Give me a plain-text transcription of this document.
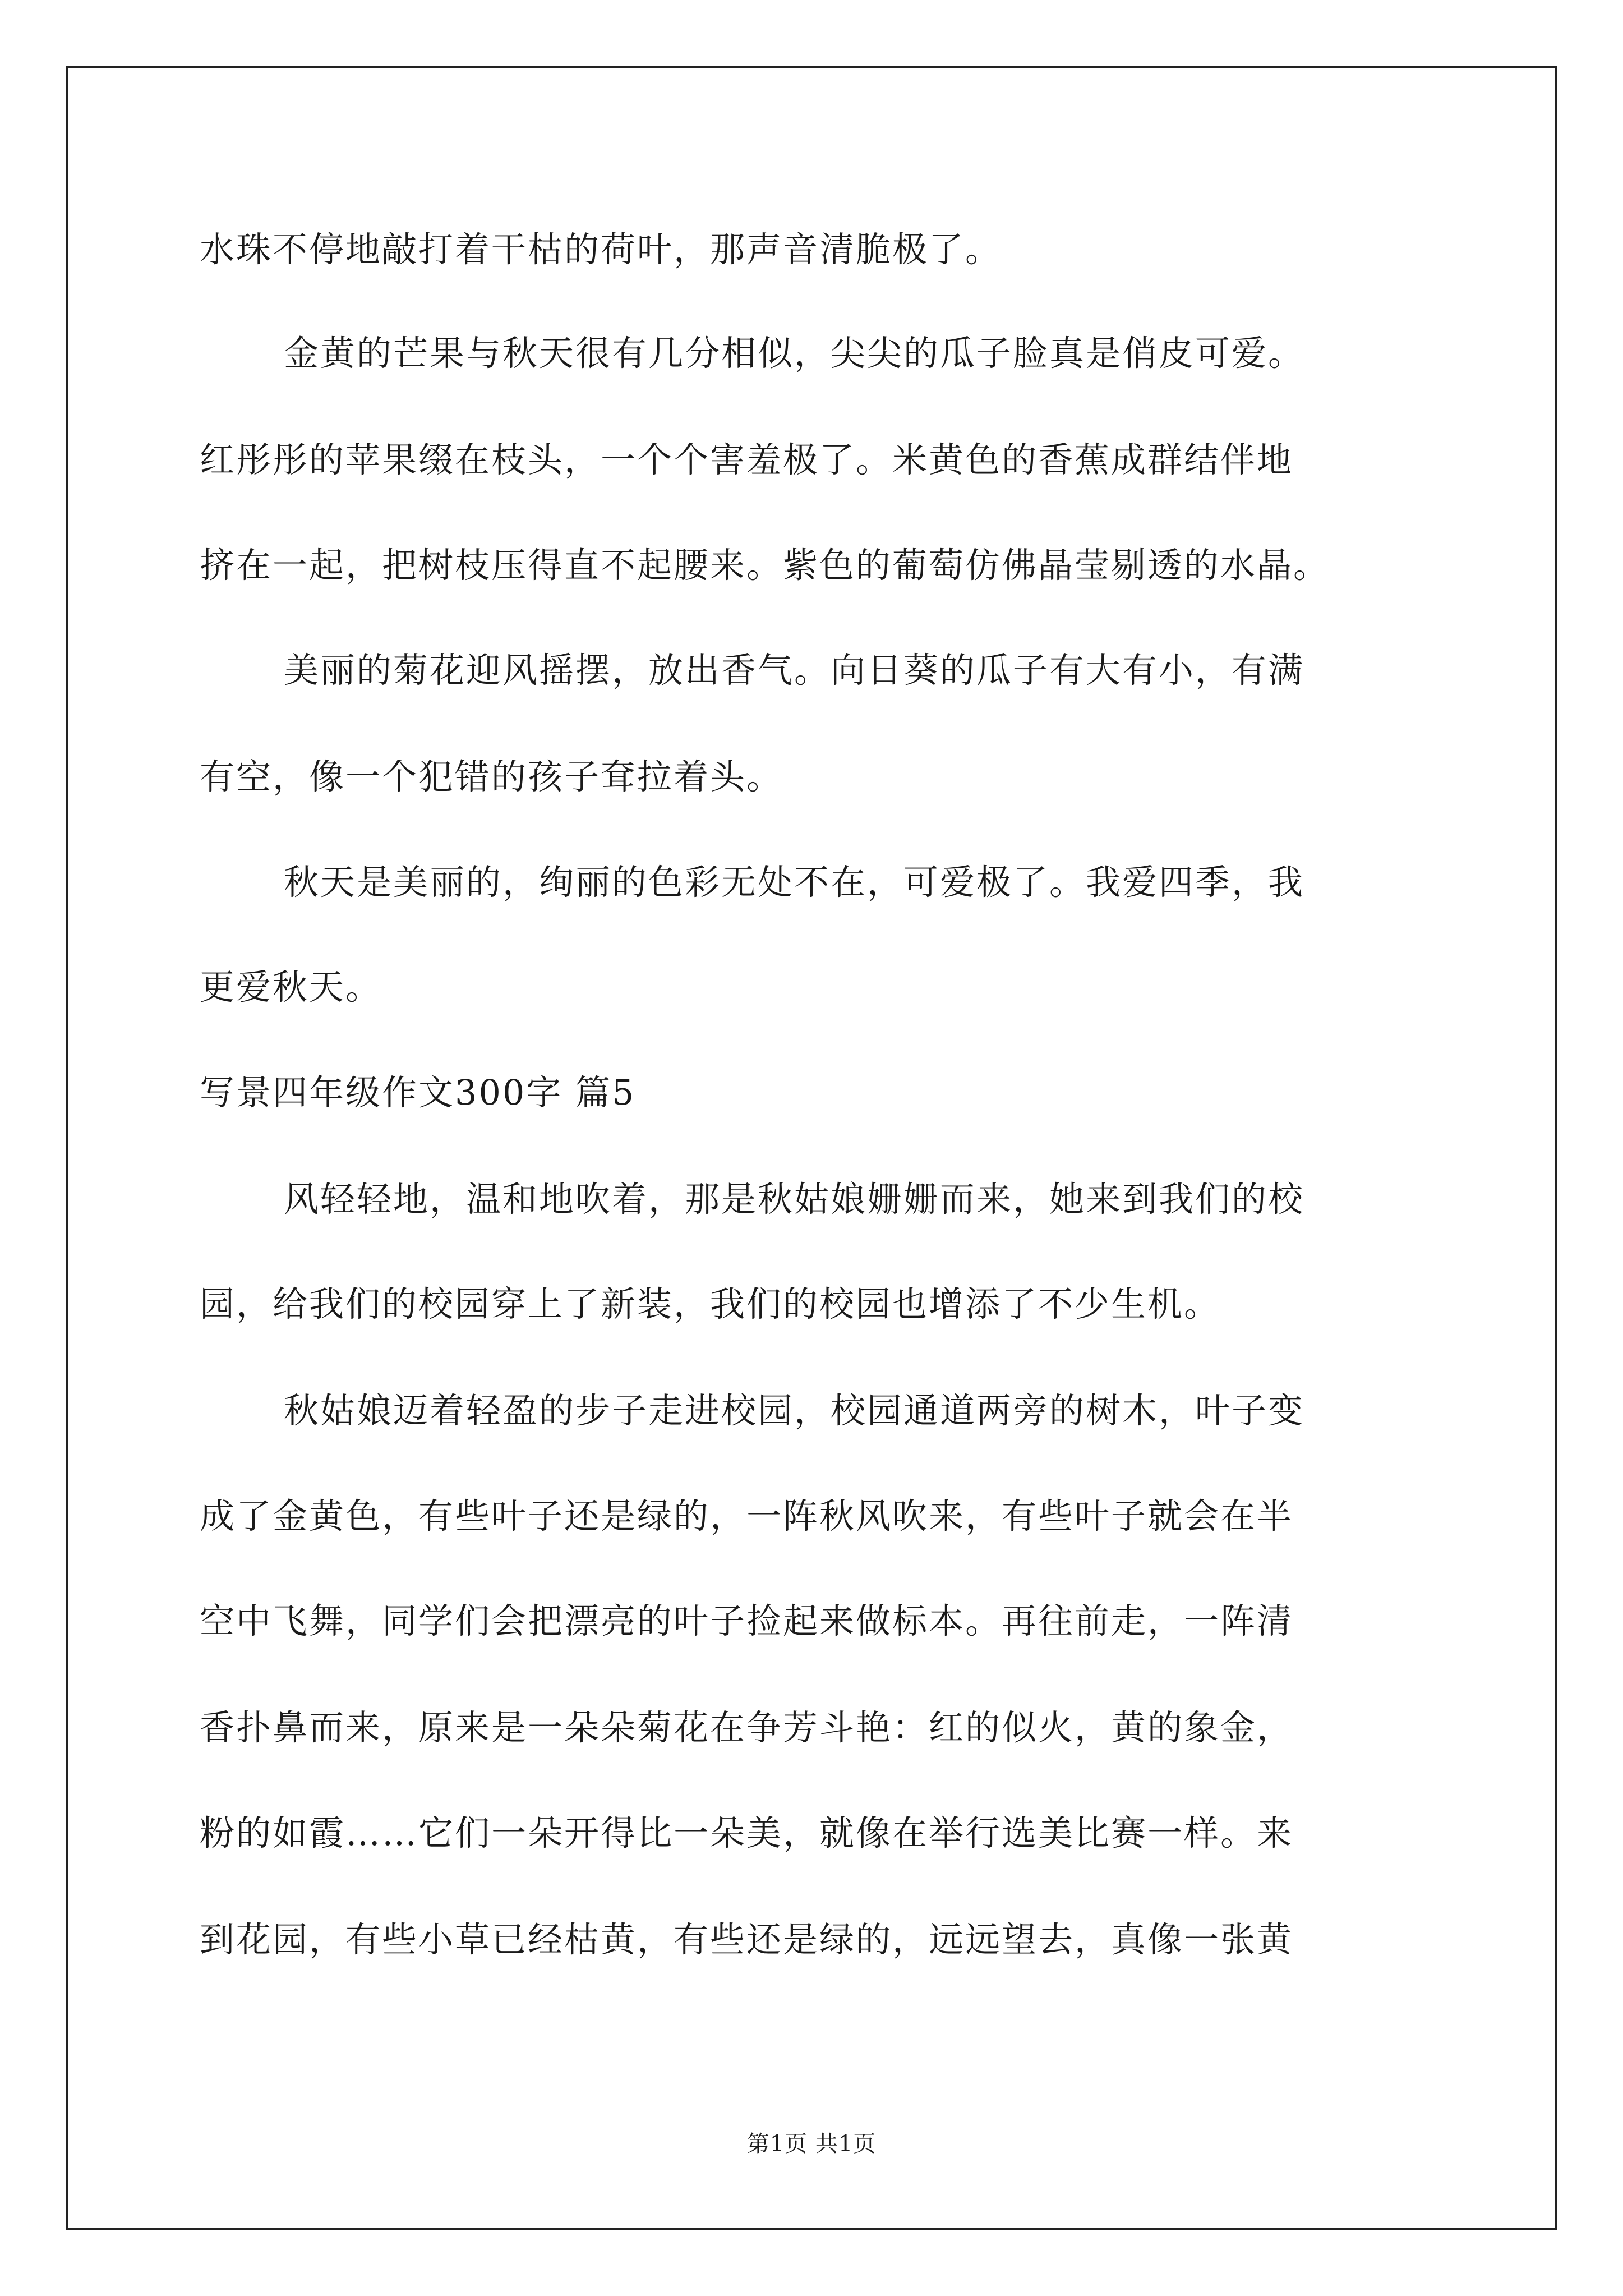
水珠不停地敲打着干枯的荷叶，那声音清脆极了。
金黄的芒果与秋天很有几分相似，尖尖的瓜子脸真是俏皮可爱。
红彤彤的苹果缀在枝头，一个个害羞极了。米黄色的香蕉成群结伴地
挤在一起，把树枝压得直不起腰来。紫色的葡萄仿佛晶莹剔透的水晶。
美丽的菊花迎风摇摆，放出香气。向日葵的瓜子有大有小，有满
有空，像一个犯错的孩子耷拉着头。
秋天是美丽的，绚丽的色彩无处不在，可爱极了。我爱四季，我
更爱秋天。
写景四年级作文300字 篇5
风轻轻地，温和地吹着，那是秋姑娘姗姗而来，她来到我们的校
园，给我们的校园穿上了新装，我们的校园也增添了不少生机。
秋姑娘迈着轻盈的步子走进校园，校园通道两旁的树木，叶子变
成了金黄色，有些叶子还是绿的，一阵秋风吹来，有些叶子就会在半
空中飞舞，同学们会把漂亮的叶子捡起来做标本。再往前走，一阵清
香扑鼻而来，原来是一朵朵菊花在争芳斗艳：红的似火，黄的象金，
粉的如霞……它们一朵开得比一朵美，就像在举行选美比赛一样。来
到花园，有些小草已经枯黄，有些还是绿的，远远望去，真像一张黄
第1页 共1页
